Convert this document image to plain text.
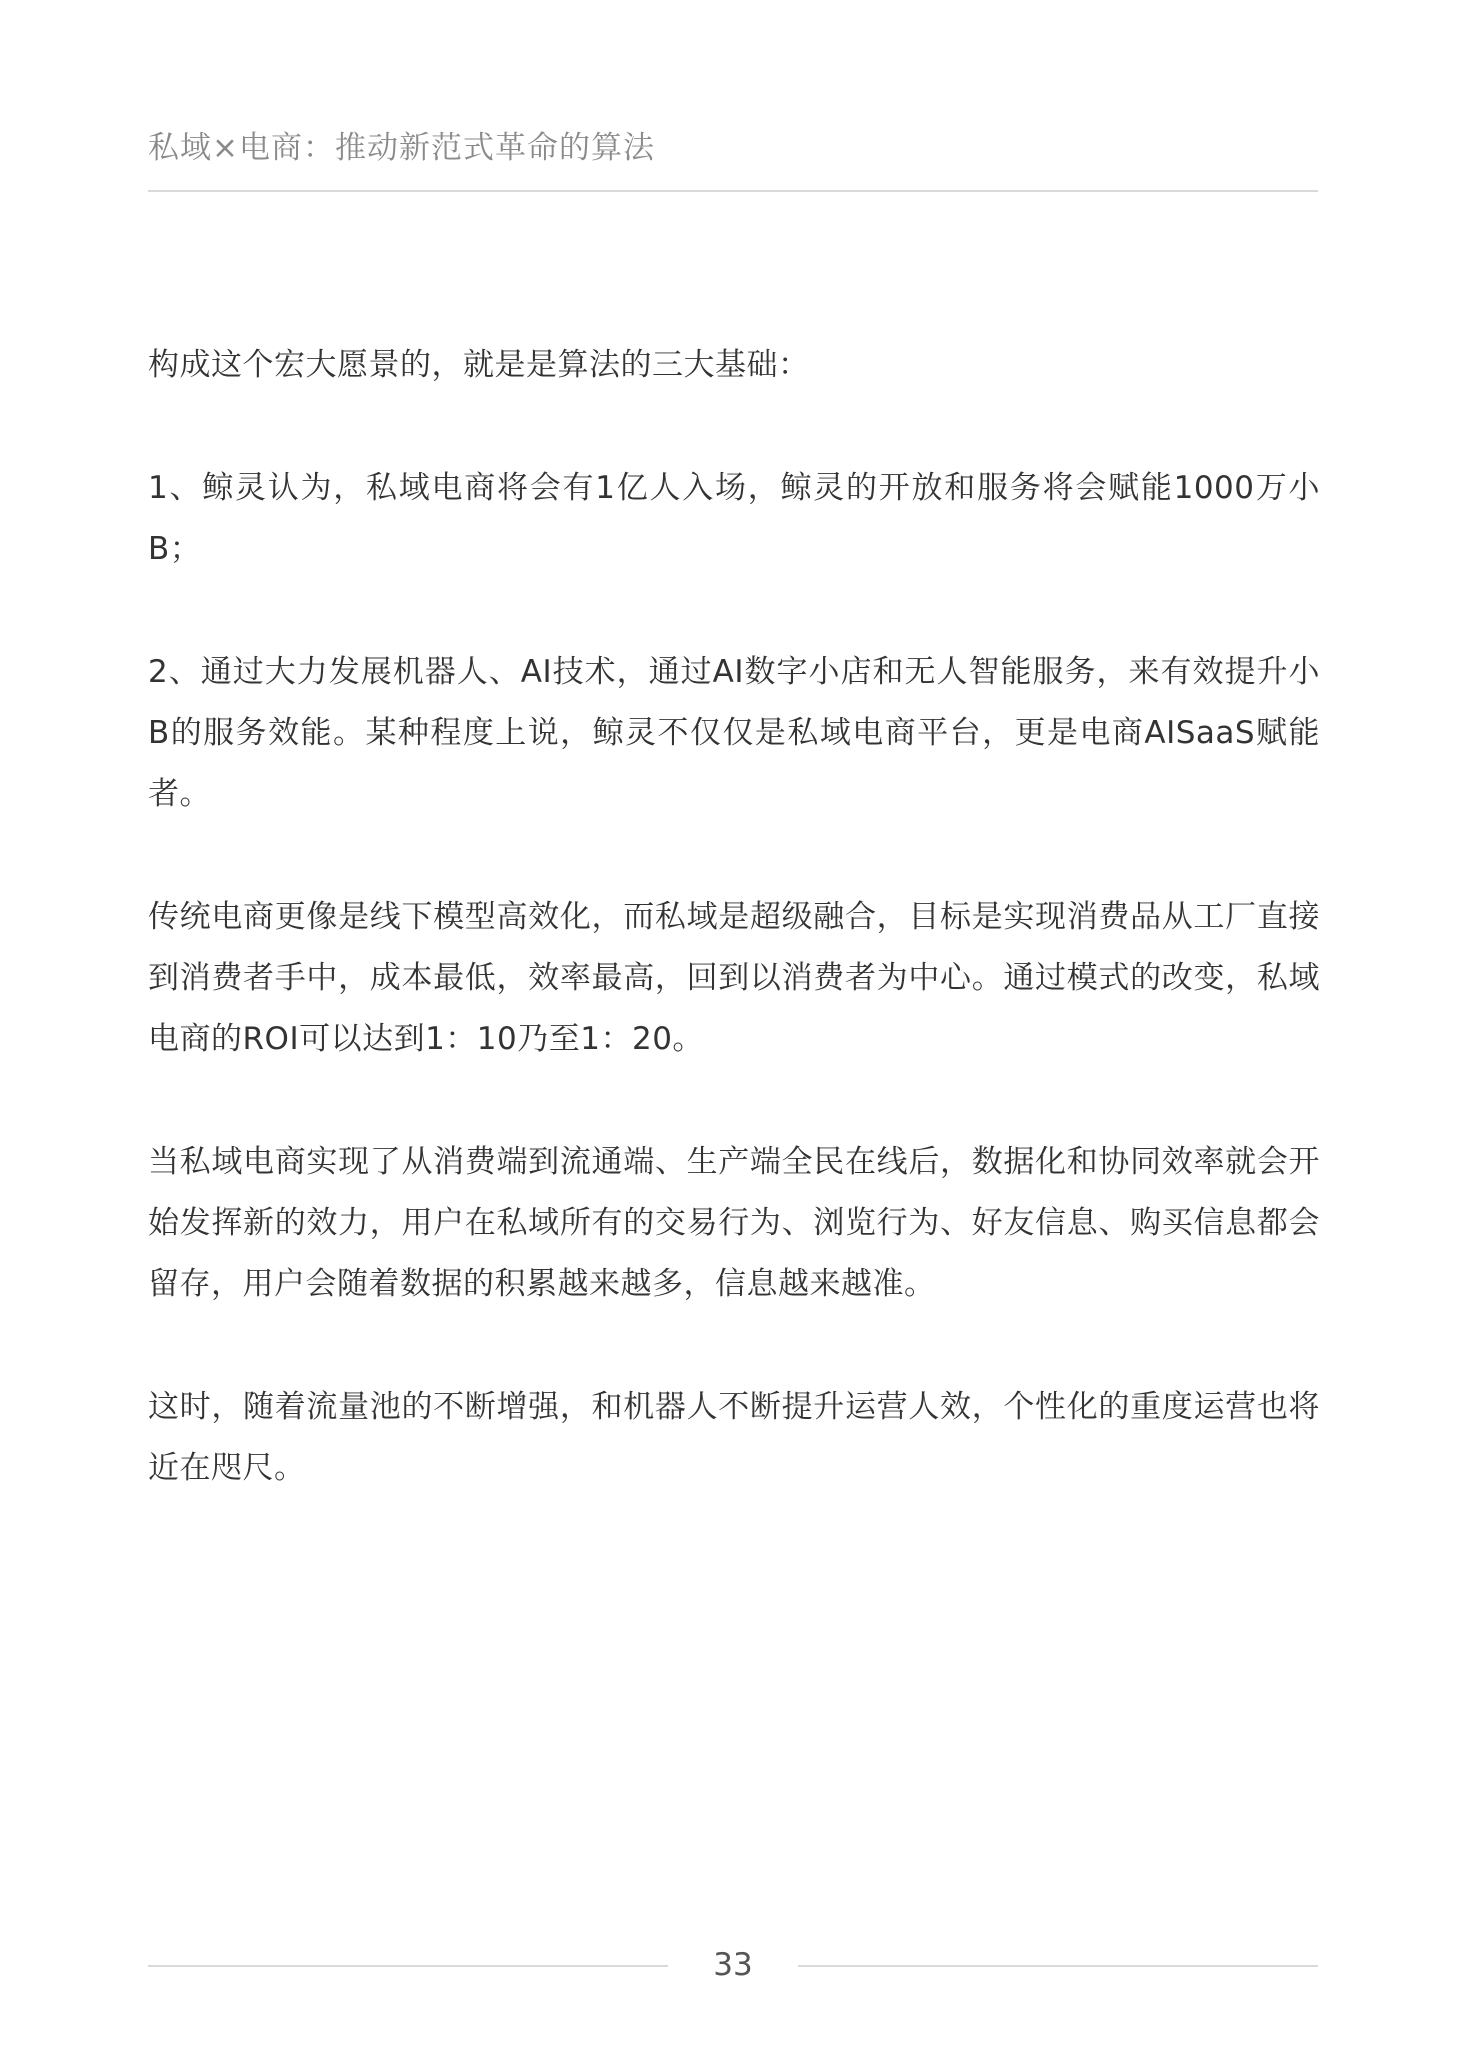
私域×电商：推动新范式革命的算法

构成这个宏大愿景的，就是是算法的三大基础：

1、鲸灵认为，私域电商将会有1亿人入场，鲸灵的开放和服务将会赋能1000万小B；

2、通过大力发展机器人、AI技术，通过AI数字小店和无人智能服务，来有效提升小B的服务效能。某种程度上说，鲸灵不仅仅是私域电商平台，更是电商AISaaS赋能者。

传统电商更像是线下模型高效化，而私域是超级融合，目标是实现消费品从工厂直接到消费者手中，成本最低，效率最高，回到以消费者为中心。通过模式的改变，私域电商的ROI可以达到1：10乃至1：20。

当私域电商实现了从消费端到流通端、生产端全民在线后，数据化和协同效率就会开始发挥新的效力，用户在私域所有的交易行为、浏览行为、好友信息、购买信息都会留存，用户会随着数据的积累越来越多，信息越来越准。

这时，随着流量池的不断增强，和机器人不断提升运营人效，个性化的重度运营也将近在咫尺。

33
